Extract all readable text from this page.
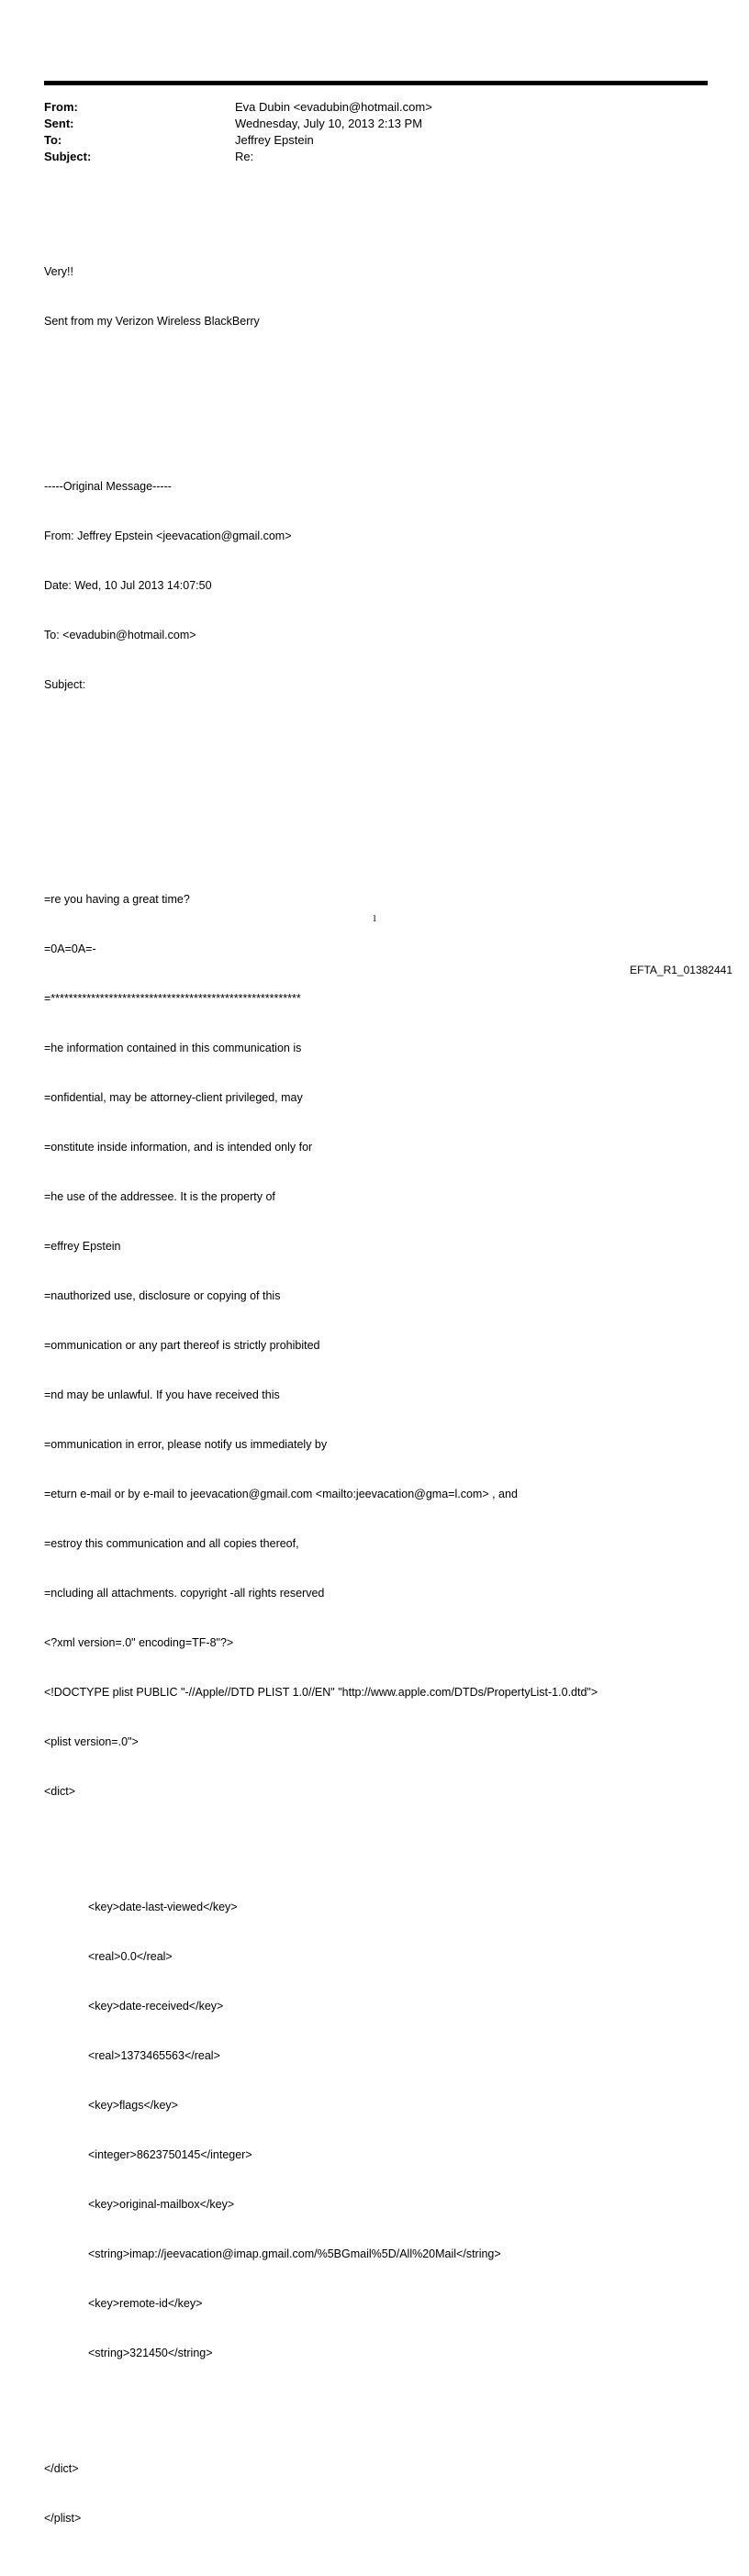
From:	Eva Dubin <evadubin@hotmail.com>
Sent:	Wednesday, July 10, 2013 2:13 PM
To:	Jeffrey Epstein
Subject:	Re:

Very!!

Sent from my Verizon Wireless BlackBerry

-----Original Message-----

From: Jeffrey Epstein <jeevacation@gmail.com>

Date: Wed, 10 Jul 2013 14:07:50

To: <evadubin@hotmail.com>

Subject:

=re you having a great time?

=0A=0A=-

=********************************************************

=he information contained in this communication is

=onfidential, may be attorney-client privileged, may

=onstitute inside information, and is intended only for

=he use of the addressee. It is the property of

=effrey Epstein

=nauthorized use, disclosure or copying of this

=ommunication or any part thereof is strictly prohibited

=nd may be unlawful. If you have received this

=ommunication in error, please notify us immediately by

=eturn e-mail or by e-mail to jeevacation@gmail.com <mailto:jeevacation@gma=l.com> , and

=estroy this communication and all copies thereof,

=ncluding all attachments. copyright -all rights reserved

<?xml version=.0" encoding=TF-8"?>

<!DOCTYPE plist PUBLIC "-//Apple//DTD PLIST 1.0//EN" "http://www.apple.com/DTDs/PropertyList-1.0.dtd">

<plist version=.0">

<dict>

<key>date-last-viewed</key>

<real>0.0</real>

<key>date-received</key>

<real>1373465563</real>

<key>flags</key>

<integer>8623750145</integer>

<key>original-mailbox</key>

<string>imap://jeevacation@imap.gmail.com/%5BGmail%5D/All%20Mail</string>

<key>remote-id</key>

<string>321450</string>

</dict>

</plist>

1
EFTA_R1_01382441
